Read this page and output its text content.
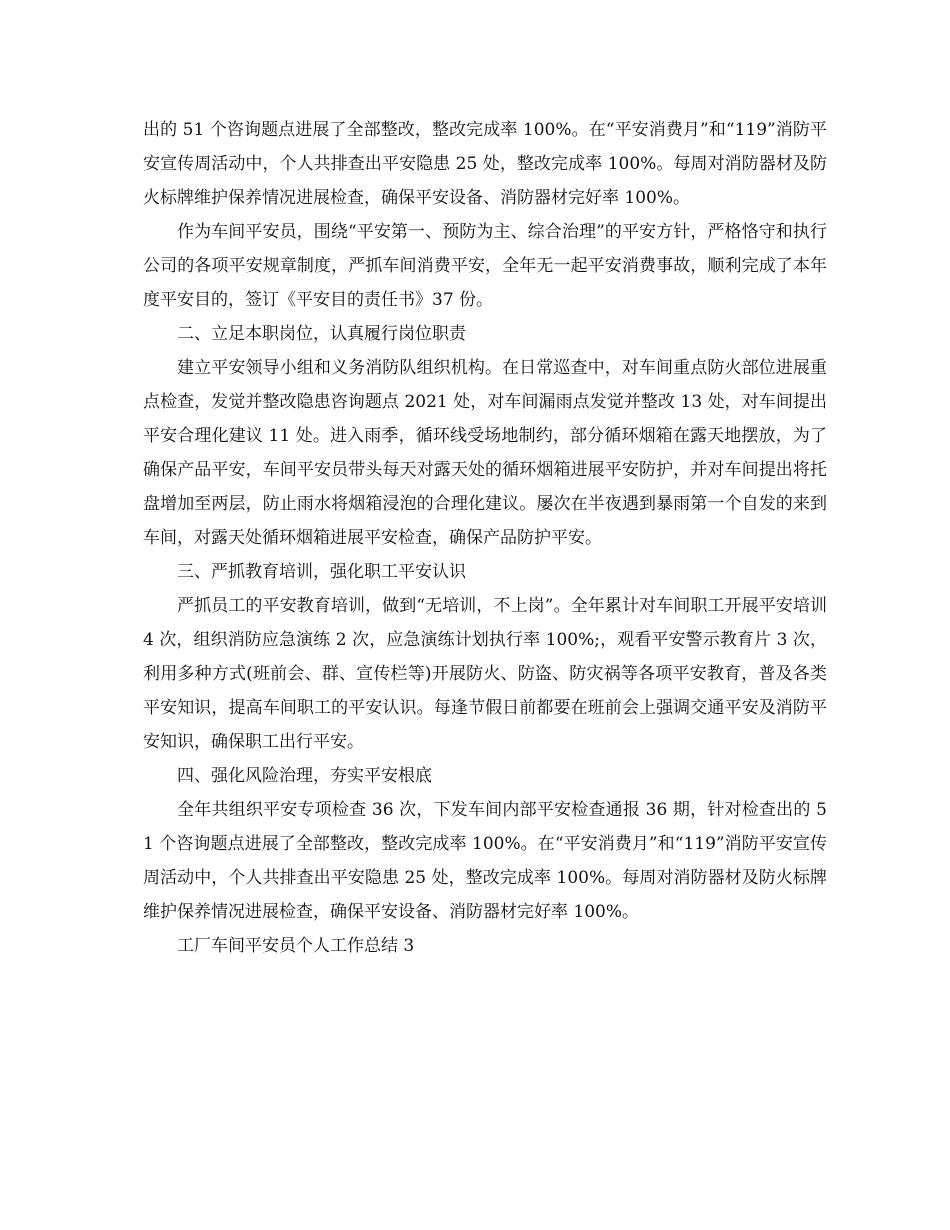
出的 51 个咨询题点进展了全部整改，整改完成率 100%。在“平安消费月”和“119”消防平安宣传周活动中，个人共排查出平安隐患 25 处，整改完成率 100%。每周对消防器材及防火标牌维护保养情况进展检查，确保平安设备、消防器材完好率 100%。

作为车间平安员，围绕“平安第一、预防为主、综合治理”的平安方针，严格恪守和执行公司的各项平安规章制度，严抓车间消费平安，全年无一起平安消费事故，顺利完成了本年度平安目的，签订《平安目的责任书》37 份。

二、立足本职岗位，认真履行岗位职责

建立平安领导小组和义务消防队组织机构。在日常巡查中，对车间重点防火部位进展重点检查，发觉并整改隐患咨询题点 2021 处，对车间漏雨点发觉并整改 13 处，对车间提出平安合理化建议 11 处。进入雨季，循环线受场地制约，部分循环烟箱在露天地摆放，为了确保产品平安，车间平安员带头每天对露天处的循环烟箱进展平安防护，并对车间提出将托盘增加至两层，防止雨水将烟箱浸泡的合理化建议。屡次在半夜遇到暴雨第一个自发的来到车间，对露天处循环烟箱进展平安检查，确保产品防护平安。

三、严抓教育培训，强化职工平安认识

严抓员工的平安教育培训，做到“无培训，不上岗”。全年累计对车间职工开展平安培训 4 次，组织消防应急演练 2 次，应急演练计划执行率 100%;，观看平安警示教育片 3 次，利用多种方式(班前会、群、宣传栏等)开展防火、防盗、防灾祸等各项平安教育，普及各类平安知识，提高车间职工的平安认识。每逢节假日前都要在班前会上强调交通平安及消防平安知识，确保职工出行平安。

四、强化风险治理，夯实平安根底

全年共组织平安专项检查 36 次，下发车间内部平安检查通报 36 期，针对检查出的 51 个咨询题点进展了全部整改，整改完成率 100%。在“平安消费月”和“119”消防平安宣传周活动中，个人共排查出平安隐患 25 处，整改完成率 100%。每周对消防器材及防火标牌维护保养情况进展检查，确保平安设备、消防器材完好率 100%。

工厂车间平安员个人工作总结 3
